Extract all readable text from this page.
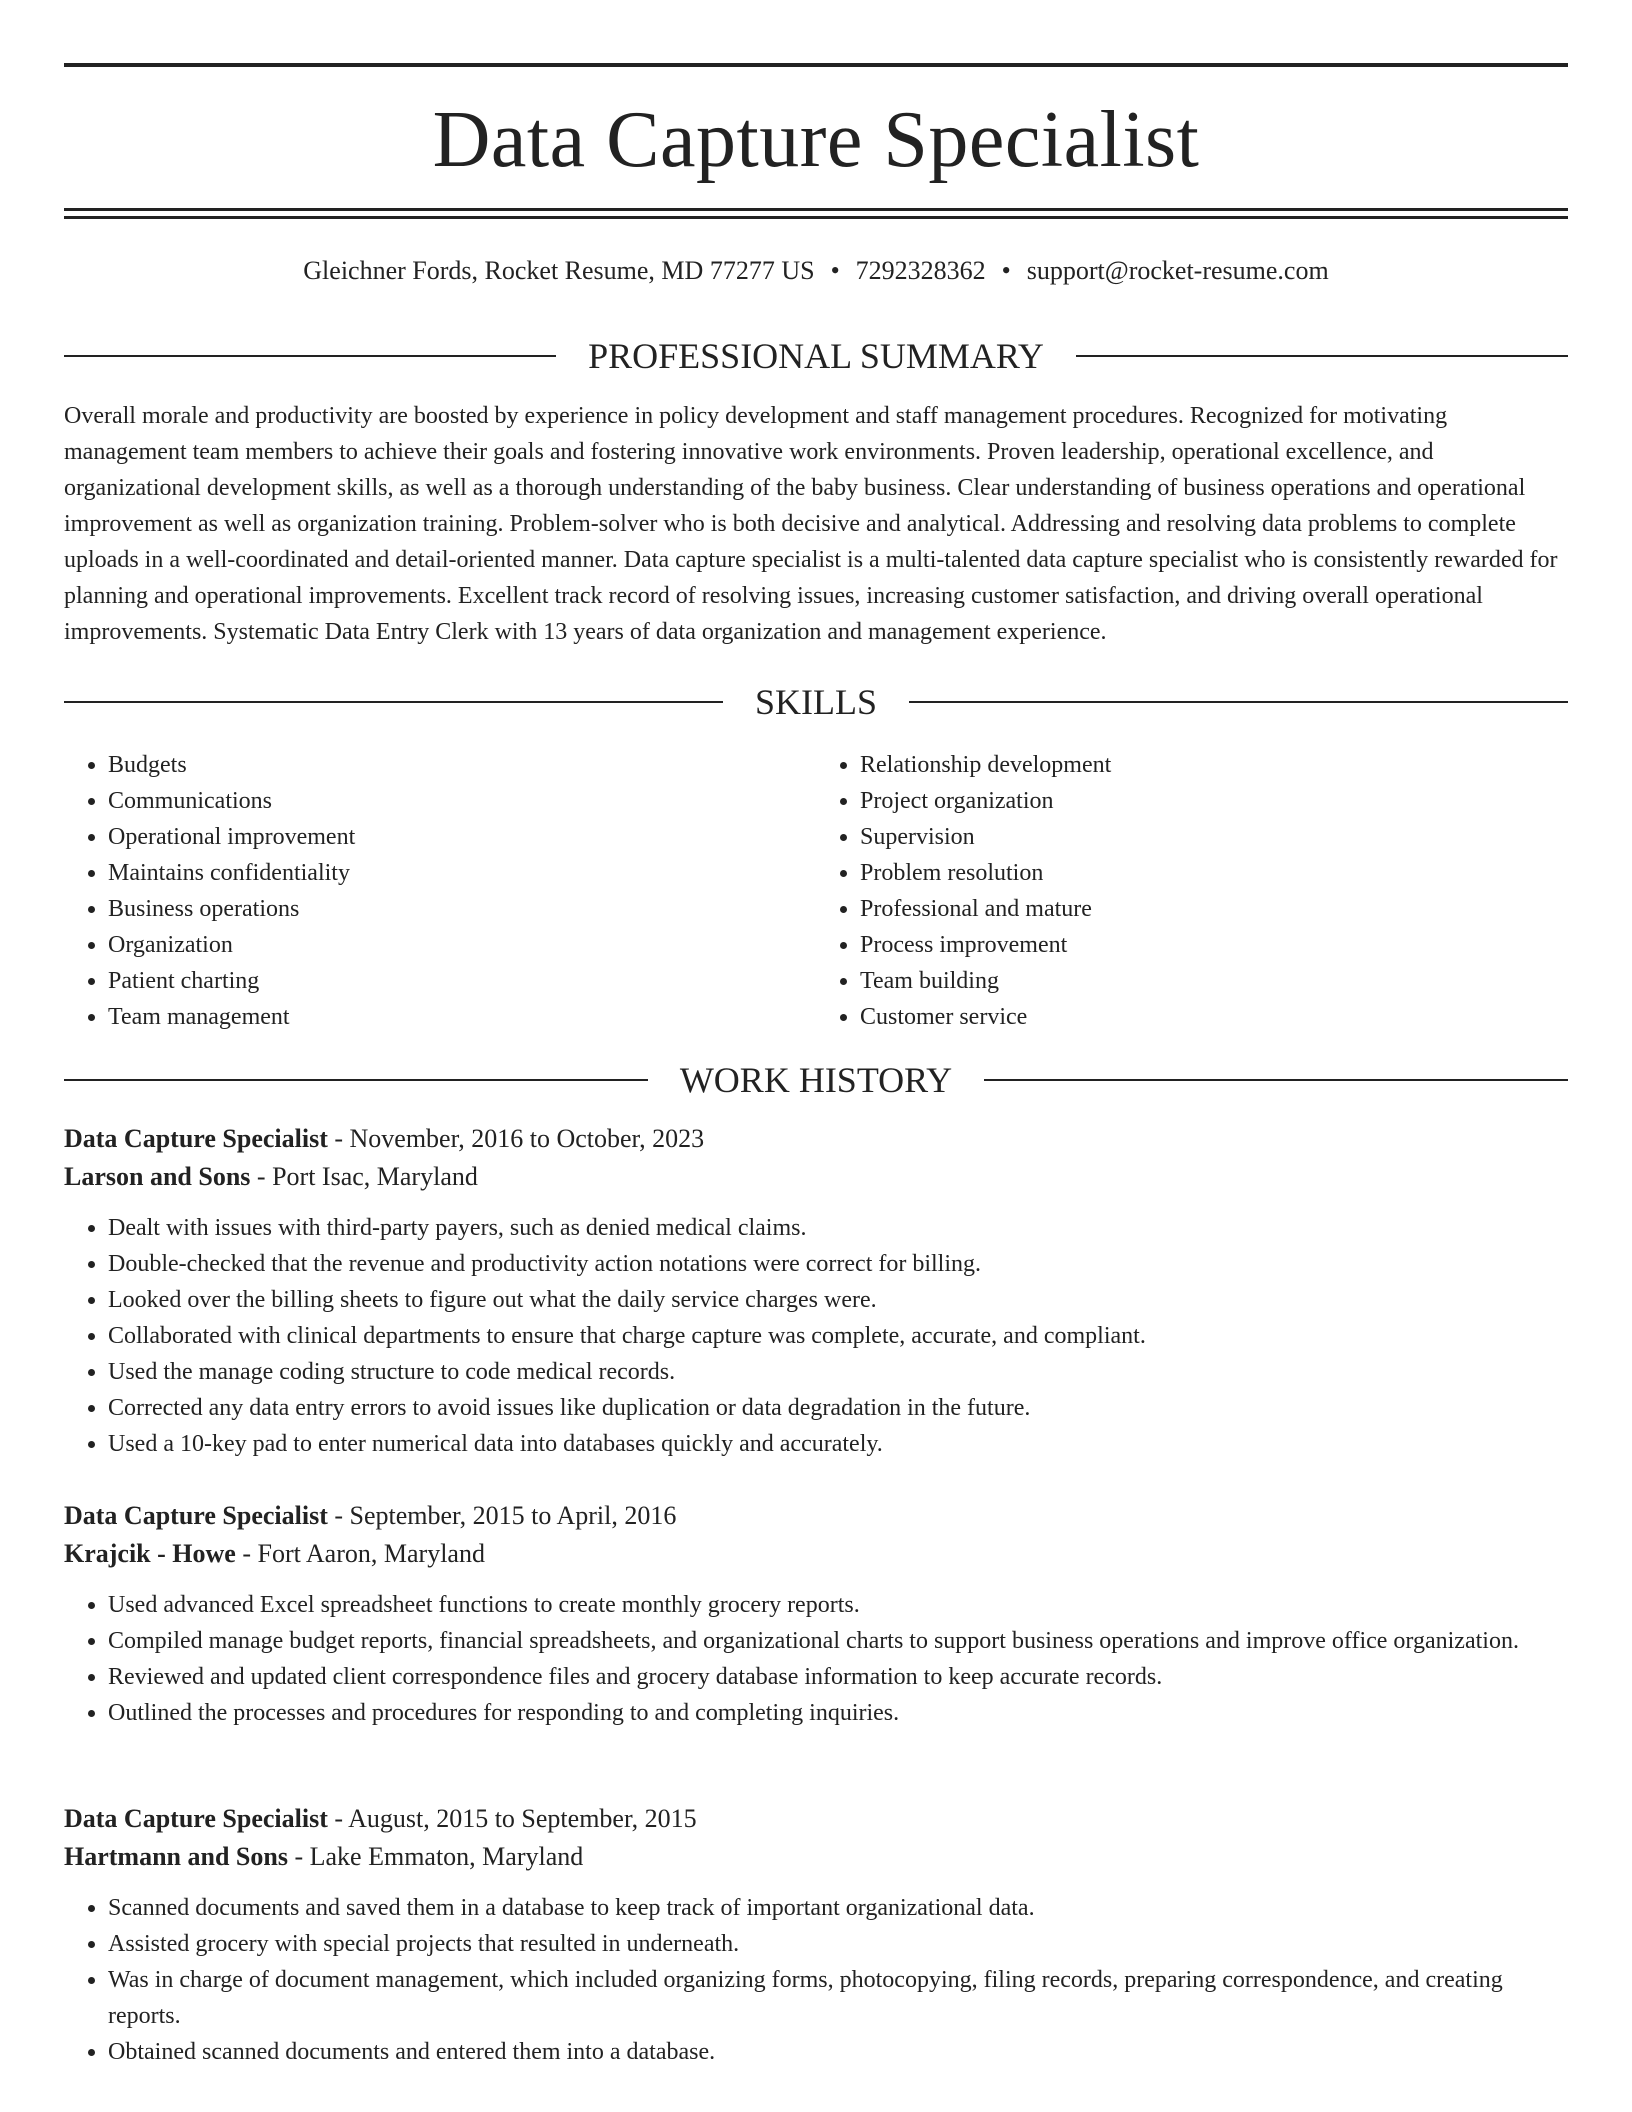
Data Capture Specialist
Gleichner Fords, Rocket Resume, MD 77277 US • 7292328362 • support@rocket-resume.com
PROFESSIONAL SUMMARY

Overall morale and productivity are boosted by experience in policy development and staff management procedures. Recognized for motivating management team members to achieve their goals and fostering innovative work environments. Proven leadership, operational excellence, and organizational development skills, as well as a thorough understanding of the baby business. Clear understanding of business operations and operational improvement as well as organization training. Problem-solver who is both decisive and analytical. Addressing and resolving data problems to complete uploads in a well-coordinated and detail-oriented manner. Data capture specialist is a multi-talented data capture specialist who is consistently rewarded for planning and operational improvements. Excellent track record of resolving issues, increasing customer satisfaction, and driving overall operational improvements. Systematic Data Entry Clerk with 13 years of data organization and management experience.

SKILLS
• Budgets
• Communications
• Operational improvement
• Maintains confidentiality
• Business operations
• Organization
• Patient charting
• Team management
• Relationship development
• Project organization
• Supervision
• Problem resolution
• Professional and mature
• Process improvement
• Team building
• Customer service
WORK HISTORY
Data Capture Specialist - November, 2016 to October, 2023
Larson and Sons - Port Isac, Maryland
• Dealt with issues with third-party payers, such as denied medical claims.
• Double-checked that the revenue and productivity action notations were correct for billing.
• Looked over the billing sheets to figure out what the daily service charges were.
• Collaborated with clinical departments to ensure that charge capture was complete, accurate, and compliant.
• Used the manage coding structure to code medical records.
• Corrected any data entry errors to avoid issues like duplication or data degradation in the future.
• Used a 10-key pad to enter numerical data into databases quickly and accurately.
Data Capture Specialist - September, 2015 to April, 2016
Krajcik - Howe - Fort Aaron, Maryland
• Used advanced Excel spreadsheet functions to create monthly grocery reports.
• Compiled manage budget reports, financial spreadsheets, and organizational charts to support business operations and improve office organization.
• Reviewed and updated client correspondence files and grocery database information to keep accurate records.
• Outlined the processes and procedures for responding to and completing inquiries.
Data Capture Specialist - August, 2015 to September, 2015
Hartmann and Sons - Lake Emmaton, Maryland
• Scanned documents and saved them in a database to keep track of important organizational data.
• Assisted grocery with special projects that resulted in underneath.
• Was in charge of document management, which included organizing forms, photocopying, filing records, preparing correspondence, and creating reports.
• Obtained scanned documents and entered them into a database.
